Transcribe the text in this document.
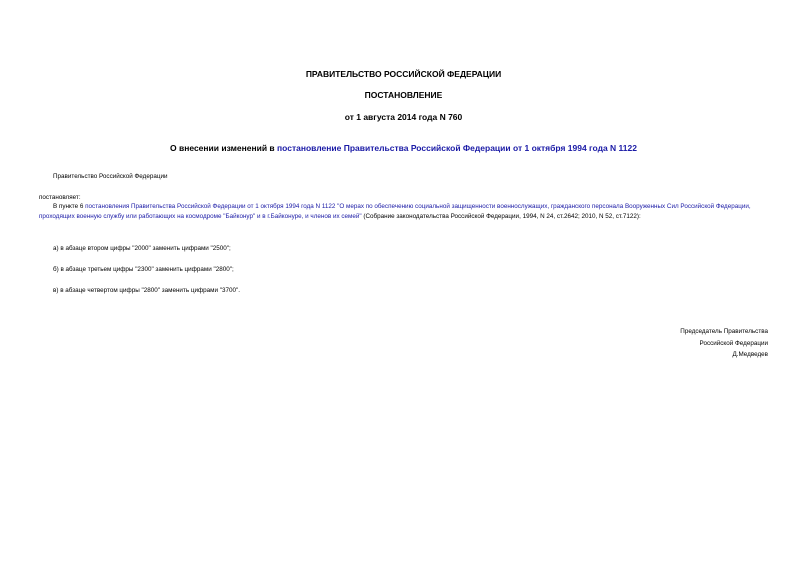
ПРАВИТЕЛЬСТВО РОССИЙСКОЙ ФЕДЕРАЦИИ
ПОСТАНОВЛЕНИЕ
от 1 августа 2014 года N 760
О внесении изменений в постановление Правительства Российской Федерации от 1 октября 1994 года N 1122
Правительство Российской Федерации
постановляет:
В пункте 6 постановления Правительства Российской Федерации от 1 октября 1994 года N 1122 "О мерах по обеспечению социальной защищенности военнослужащих, гражданского персонала Вооруженных Сил Российской Федерации, проходящих военную службу или работающих на космодроме "Байконур" и в г.Байконуре, и членов их семей" (Собрание законодательства Российской Федерации, 1994, N 24, ст.2642; 2010, N 52, ст.7122):
а) в абзаце втором цифры "2000" заменить цифрами "2500";
б) в абзаце третьем цифры "2300" заменить цифрами "2800";
в) в абзаце четвертом цифры "2800" заменить цифрами "3700".
Председатель Правительства
Российской Федерации
Д.Медведев
